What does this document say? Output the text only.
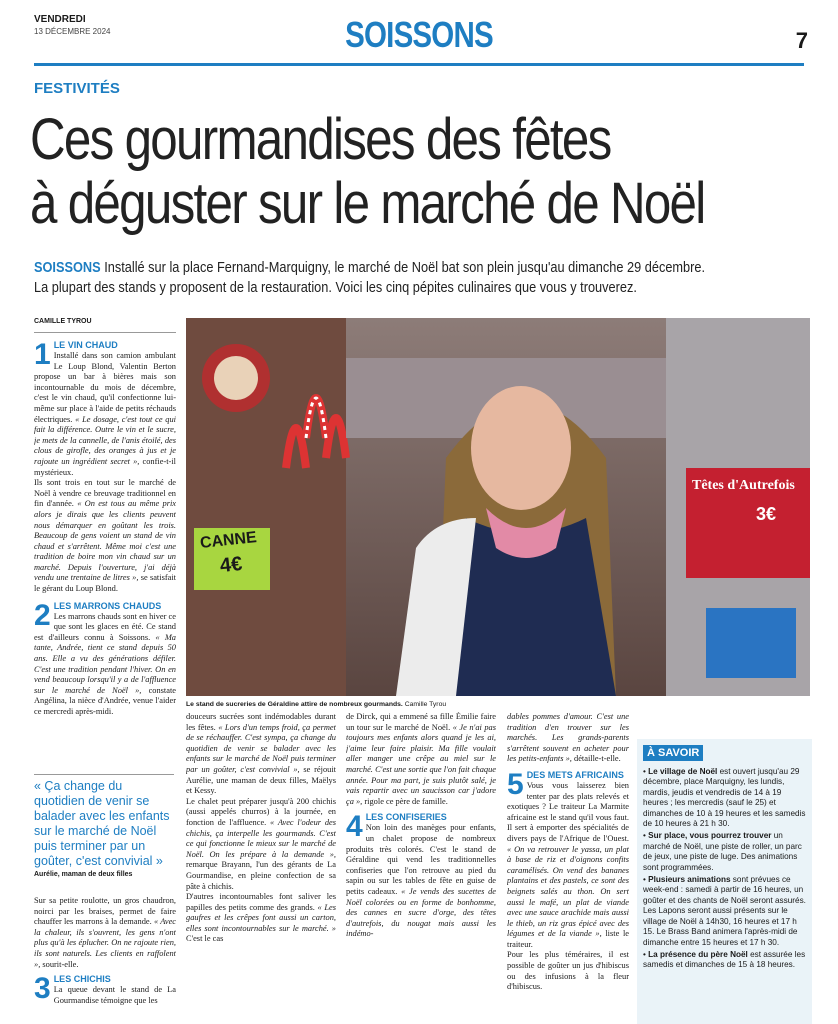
VENDREDI
13 DÉCEMBRE 2024	SOISSONS	7
FESTIVITÉS
Ces gourmandises des fêtes
à déguster sur le marché de Noël
SOISSONS Installé sur la place Fernand-Marquigny, le marché de Noël bat son plein jusqu'au dimanche 29 décembre.
La plupart des stands y proposent de la restauration. Voici les cinq pépites culinaires que vous y trouverez.
CAMILLE TYROU
1 LE VIN CHAUD
Installé dans son camion ambulant Le Loup Blond, Valentin Berton propose un bar à bières mais son incontournable du mois de décembre, c'est le vin chaud, qu'il confectionne lui-même sur place à l'aide de petits réchauds électriques. « Le dosage, c'est tout ce qui fait la différence. Outre le vin et le sucre, je mets de la cannelle, de l'anis étoilé, des clous de girofle, des oranges à jus et je rajoute un ingrédient secret », confie-t-il mystérieux.
Ils sont trois en tout sur le marché de Noël à vendre ce breuvage traditionnel en fin d'année. « On est tous au même prix alors je dirais que les clients peuvent nous démarquer en goûtant les trois. Beaucoup de gens voient un stand de vin chaud et s'arrêtent. Même moi c'est une tradition de boire mon vin chaud sur un marché. Depuis l'ouverture, j'ai déjà vendu une trentaine de litres », se satisfait le gérant du Loup Blond.
2 LES MARRONS CHAUDS
Les marrons chauds sont en hiver ce que sont les glaces en été. Ce stand est d'ailleurs connu à Soissons. « Ma tante, Andrée, tient ce stand depuis 50 ans. Elle a vu des générations défiler. C'est une tradition pendant l'hiver. On en vend beaucoup lorsqu'il y a de l'affluence sur le marché de Noël », constate Angélina, la nièce d'Andrée, venue l'aider ce mercredi après-midi.
« Ça change du quotidien de venir se balader avec les enfants sur le marché de Noël puis terminer par un goûter, c'est convivial »
Aurélie, maman de deux filles
Sur sa petite roulotte, un gros chaudron, noirci par les braises, permet de faire chauffer les marrons à la demande. « Avec la chaleur, ils s'ouvrent, les gens n'ont plus qu'à les éplucher. On ne rajoute rien, ils sont naturels. Les clients en raffolent », sourit-elle.
3 LES CHICHIS
La queue devant le stand de La Gourmandise témoigne que les
CANNE
4€
Têtes d'Autrefois
3€
Le stand de sucreries de Géraldine attire de nombreux gourmands. Camille Tyrou
douceurs sucrées sont indémodables durant les fêtes. « Lors d'un temps froid, ça permet de se réchauffer. C'est sympa, ça change du quotidien de venir se balader avec les enfants sur le marché de Noël puis terminer par un goûter, c'est convivial », se réjouit Aurélie, une maman de deux filles, Maëlys et Kessy.
Le chalet peut préparer jusqu'à 200 chichis (aussi appelés churros) à la journée, en fonction de l'affluence. « Avec l'odeur des chichis, ça interpelle les gourmands. C'est ce qui fonctionne le mieux sur le marché de Noël. On les prépare à la demande », remarque Brayann, l'un des gérants de La Gourmandise, en pleine confection de sa pâte à chichis.
D'autres incontournables font saliver les papilles des petits comme des grands. « Les gaufres et les crêpes font aussi un carton, elles sont incontournables sur le marché. » C'est le cas
de Dirck, qui a emmené sa fille Émilie faire un tour sur le marché de Noël. « Je n'ai pas toujours mes enfants alors quand je les ai, j'aime leur faire plaisir. Ma fille voulait aller manger une crêpe au miel sur le marché. C'est une sortie que l'on fait chaque année. Pour ma part, je suis plutôt salé, je vais repartir avec un saucisson car j'adore ça », rigole ce père de famille.
4 LES CONFISERIES
Non loin des manèges pour enfants, un chalet propose de nombreux produits très colorés. C'est le stand de Géraldine qui vend les traditionnelles confiseries que l'on retrouve au pied du sapin ou sur les tables de fête en guise de petits cadeaux. « Je vends des sucettes de Noël colorées ou en forme de bonhomme, des cannes en sucre d'orge, des têtes d'autrefois, du nougat mais aussi les indémo-
dables pommes d'amour. C'est une tradition d'en trouver sur les marchés. Les grands-parents s'arrêtent souvent en acheter pour les petits-enfants », détaille-t-elle.
5 DES METS AFRICAINS
Vous vous laisserez bien tenter par des plats relevés et exotiques ? Le traiteur La Marmite africaine est le stand qu'il vous faut. Il sert à emporter des spécialités de divers pays de l'Afrique de l'Ouest. « On va retrouver le yassa, un plat à base de riz et d'oignons confits caramélisés. On vend des bananes plantains et des pastels, ce sont des beignets salés au thon. On sert aussi le mafé, un plat de viande avec une sauce arachide mais aussi le thieb, un riz gras épicé avec des légumes et de la viande », liste le traiteur.
Pour les plus téméraires, il est possible de goûter un jus d'hibiscus ou des infusions à la fleur d'hibiscus.
À SAVOIR

• Le village de Noël est ouvert jusqu'au 29 décembre, place Marquigny, les lundis, mardis, jeudis et vendredis de 14 à 19 heures ; les mercredis (sauf le 25) et dimanches de 10 à 19 heures et les samedis de 10 heures à 21 h 30.

• Sur place, vous pourrez trouver un marché de Noël, une piste de roller, un parc de jeux, une piste de luge. Des animations sont programmées.

• Plusieurs animations sont prévues ce week-end : samedi à partir de 16 heures, un goûter et des chants de Noël seront assurés. Les Lapons seront aussi présents sur le village de Noël à 14h30, 16 heures et 17 h 15. Le Brass Band animera l'après-midi de dimanche entre 15 heures et 17 h 30.

• La présence du père Noël est assurée les samedis et dimanches de 15 à 18 heures.
